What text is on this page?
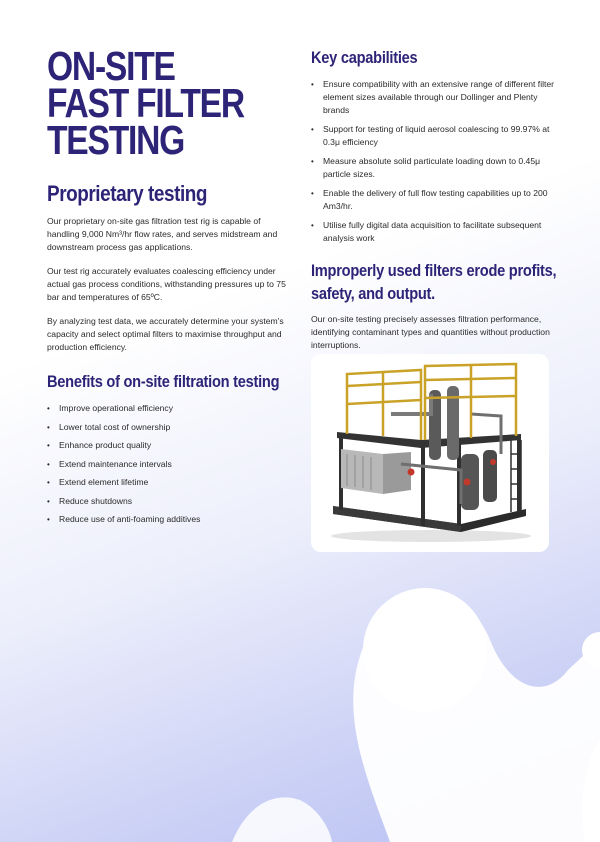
ON-SITE
FAST FILTER
TESTING
Proprietary testing

Our proprietary on-site gas filtration test rig is capable of handling 9,000 Nm³/hr flow rates, and serves midstream and downstream process gas applications.

Our test rig accurately evaluates coalescing efficiency under actual gas process conditions, withstanding pressures up to 75 bar and temperatures of 65ºC.

By analyzing test data, we accurately determine your system's capacity and select optimal filters to maximise throughput and production efficiency.

Benefits of on-site filtration testing
• Improve operational efficiency
• Lower total cost of ownership
• Enhance product quality
• Extend maintenance intervals
• Extend element lifetime
• Reduce shutdowns
• Reduce use of anti-foaming additives
Key capabilities
• Ensure compatibility with an extensive range of different filter element sizes available through our Dollinger and Plenty brands
• Support for testing of liquid aerosol coalescing to 99.97% at 0.3μ efficiency
• Measure absolute solid particulate loading down to 0.45μ particle sizes.
• Enable the delivery of full flow testing capabilities up to 200 Am3/hr.
• Utilise fully digital data acquisition to facilitate subsequent analysis work
Improperly used filters erode profits, safety, and output.

Our on-site testing precisely assesses filtration performance, identifying contaminant types and quantities without production interruptions.
